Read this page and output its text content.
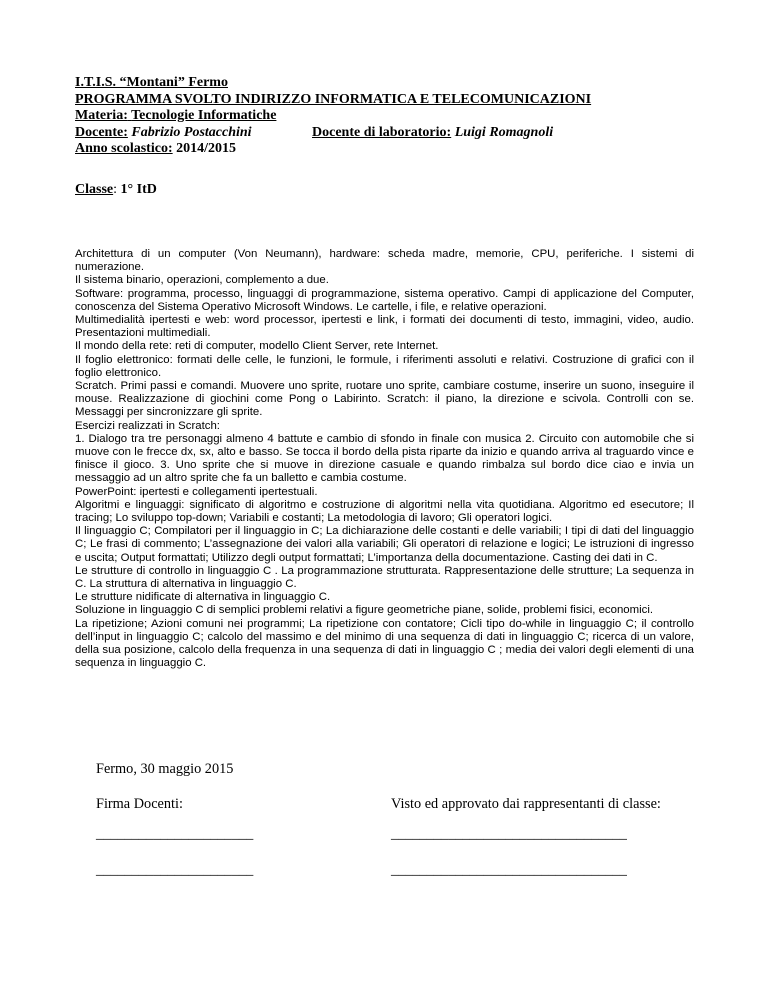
I.T.I.S. “Montani” Fermo
PROGRAMMA SVOLTO INDIRIZZO INFORMATICA E TELECOMUNICAZIONI
Materia: Tecnologie Informatiche
Docente: Fabrizio Postacchini	Docente di laboratorio: Luigi Romagnoli
Anno scolastico: 2014/2015
Classe: 1° ItD

Architettura di un computer (Von Neumann), hardware: scheda madre, memorie, CPU, periferiche. I sistemi di numerazione.

Il sistema binario, operazioni, complemento a due.

Software: programma, processo, linguaggi di programmazione, sistema operativo. Campi di applicazione del Computer, conoscenza del Sistema Operativo Microsoft Windows. Le cartelle, i file, e relative operazioni.

Multimedialità ipertesti e web: word processor, ipertesti e link, i formati dei documenti di testo, immagini, video, audio. Presentazioni multimediali.

Il mondo della rete: reti di computer, modello Client Server, rete Internet.

Il foglio elettronico: formati delle celle, le funzioni, le formule, i riferimenti assoluti e relativi. Costruzione di grafici con il foglio elettronico.

Scratch. Primi passi e comandi. Muovere uno sprite, ruotare uno sprite, cambiare costume, inserire un suono, inseguire il mouse. Realizzazione di giochini come Pong o Labirinto. Scratch: il piano, la direzione e scivola. Controlli con se. Messaggi per sincronizzare gli sprite.

Esercizi realizzati in Scratch:

1. Dialogo tra tre personaggi almeno 4 battute e cambio di sfondo in finale con musica 2. Circuito con automobile che si muove con le frecce dx, sx, alto e basso. Se tocca il bordo della pista riparte da inizio e quando arriva al traguardo vince e finisce il gioco. 3. Uno sprite che si muove in direzione casuale e quando rimbalza sul bordo dice ciao e invia un messaggio ad un altro sprite che fa un balletto e cambia costume.

PowerPoint: ipertesti e collegamenti ipertestuali.

Algoritmi e linguaggi: significato di algoritmo e costruzione di algoritmi nella vita quotidiana. Algoritmo ed esecutore; Il tracing; Lo sviluppo top-down; Variabili e costanti; La metodologia di lavoro; Gli operatori logici.

Il linguaggio C; Compilatori per il linguaggio in C; La dichiarazione delle costanti e delle variabili; I tipi di dati del linguaggio C; Le frasi di commento; L’assegnazione dei valori alla variabili; Gli operatori di relazione e logici; Le istruzioni di ingresso e uscita; Output formattati; Utilizzo degli output formattati; L’importanza della documentazione. Casting dei dati in C.

Le strutture di controllo in linguaggio C . La programmazione strutturata. Rappresentazione delle strutture; La sequenza in C. La struttura di alternativa in linguaggio C.

Le strutture nidificate di alternativa in linguaggio C.

Soluzione in linguaggio C di semplici problemi relativi a figure geometriche piane, solide, problemi fisici, economici.

La ripetizione; Azioni comuni nei programmi; La ripetizione con contatore; Cicli tipo do-while in linguaggio C; il controllo dell’input in linguaggio C; calcolo del massimo e del minimo di una sequenza di dati in linguaggio C; ricerca di un valore, della sua posizione, calcolo della frequenza in una sequenza di dati in linguaggio C ; media dei valori degli elementi di una sequenza in linguaggio C.

Fermo, 30 maggio 2015
Firma Docenti:	Visto ed approvato dai rappresentanti di classe:
______________________	_________________________________
______________________	_________________________________
